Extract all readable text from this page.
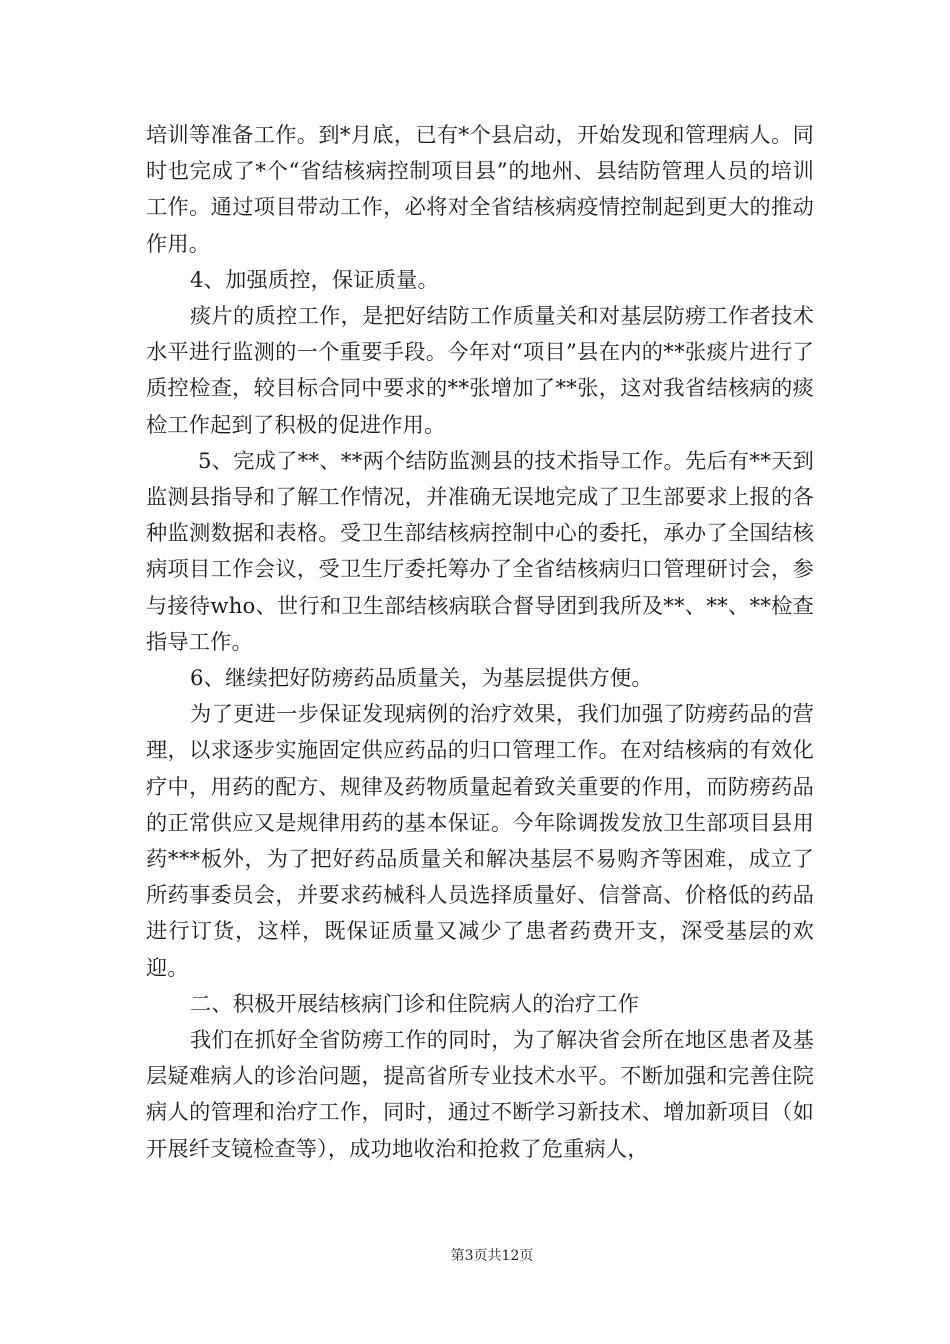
培训等准备工作。到*月底，已有*个县启动，开始发现和管理病人。同时也完成了*个“省结核病控制项目县”的地州、县结防管理人员的培训工作。通过项目带动工作，必将对全省结核病疫情控制起到更大的推动作用。

4、加强质控，保证质量。

痰片的质控工作，是把好结防工作质量关和对基层防痨工作者技术水平进行监测的一个重要手段。今年对“项目”县在内的**张痰片进行了质控检查，较目标合同中要求的**张增加了**张，这对我省结核病的痰检工作起到了积极的促进作用。

5、完成了**、**两个结防监测县的技术指导工作。先后有**天到监测县指导和了解工作情况，并准确无误地完成了卫生部要求上报的各种监测数据和表格。受卫生部结核病控制中心的委托，承办了全国结核病项目工作会议，受卫生厅委托筹办了全省结核病归口管理研讨会，参与接待who、世行和卫生部结核病联合督导团到我所及**、**、**检查指导工作。

6、继续把好防痨药品质量关，为基层提供方便。

为了更进一步保证发现病例的治疗效果，我们加强了防痨药品的营理，以求逐步实施固定供应药品的归口管理工作。在对结核病的有效化疗中，用药的配方、规律及药物质量起着致关重要的作用，而防痨药品的正常供应又是规律用药的基本保证。今年除调拨发放卫生部项目县用药***板外，为了把好药品质量关和解决基层不易购齐等困难，成立了所药事委员会，并要求药械科人员选择质量好、信誉高、价格低的药品进行订货，这样，既保证质量又减少了患者药费开支，深受基层的欢迎。

二、积极开展结核病门诊和住院病人的治疗工作

我们在抓好全省防痨工作的同时，为了解决省会所在地区患者及基层疑难病人的诊治问题，提高省所专业技术水平。不断加强和完善住院病人的管理和治疗工作，同时，通过不断学习新技术、增加新项目（如开展纤支镜检查等），成功地收治和抢救了危重病人，

第3页共12页
